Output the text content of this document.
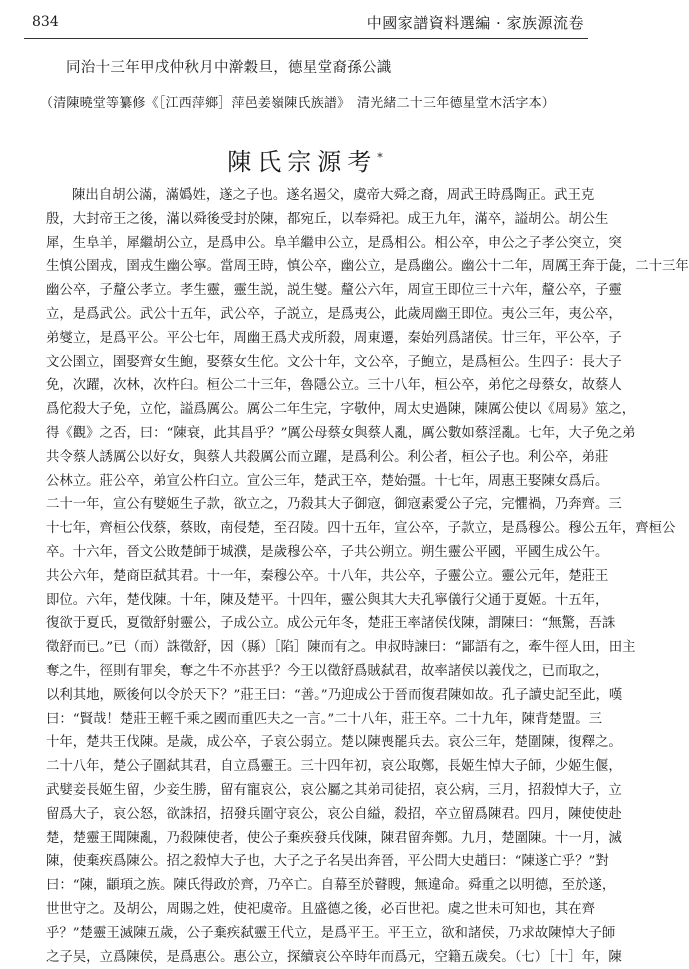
834	中國家譜資料選編 · 家族源流卷
同治十三年甲戌仲秋月中澣穀旦，德星堂裔孫公識
（清陳曉堂等纂修《［江西萍鄉］萍邑姜嶺陳氏族譜》　清光緒二十三年德星堂木活字本）
陳氏宗源考*
陳出自胡公滿，滿嬀姓，遂之子也。遂名遏父，虞帝大舜之裔，周武王時爲陶正。武王克
殷，大封帝王之後，滿以舜後受封於陳，都宛丘，以奉舜祀。成王九年，滿卒，謚胡公。胡公生
犀，生阜羊，犀繼胡公立，是爲申公。阜羊繼申公立，是爲相公。相公卒，申公之子孝公突立，突
生慎公圉戎，圉戎生幽公寧。當周王時，慎公卒，幽公立，是爲幽公。幽公十二年，周厲王奔于彘，二十三年
幽公卒，子釐公孝立。孝生靈，靈生説，説生燮。釐公六年，周宣王即位三十六年，釐公卒，子靈
立，是爲武公。武公十五年，武公卒，子説立，是爲夷公，此歲周幽王即位。夷公三年，夷公卒，
弟燮立，是爲平公。平公七年，周幽王爲犬戎所殺，周東遷，秦始列爲諸侯。廿三年，平公卒，子
文公圉立，圉娶齊女生鮑，娶蔡女生佗。文公十年，文公卒，子鮑立，是爲桓公。生四子：長大子
免，次躍，次林，次杵臼。桓公二十三年，魯隱公立。三十八年，桓公卒，弟佗之母蔡女，故蔡人
爲佗殺大子免，立佗，謚爲厲公。厲公二年生完，字敬仲，周太史過陳，陳厲公使以《周易》筮之，
得《觀》之否，曰：“陳衰，此其昌乎？”厲公母蔡女與蔡人亂，厲公數如蔡淫亂。七年，大子免之弟
共令蔡人誘厲公以好女，與蔡人共殺厲公而立躍，是爲利公。利公者，桓公子也。利公卒，弟莊
公林立。莊公卒，弟宣公杵臼立。宣公三年，楚武王卒，楚始彊。十七年，周惠王娶陳女爲后。
二十一年，宣公有嬖姬生子款，欲立之，乃殺其大子御寇，御寇素愛公子完，完懼禍，乃奔齊。三
十七年，齊桓公伐蔡，蔡敗，南侵楚，至召陵。四十五年，宣公卒，子款立，是爲穆公。穆公五年，齊桓公
卒。十六年，晉文公敗楚師于城濮，是歲穆公卒，子共公朔立。朔生靈公平國，平國生成公午。
共公六年，楚商臣弑其君。十一年，秦穆公卒。十八年，共公卒，子靈公立。靈公元年，楚莊王
即位。六年，楚伐陳。十年，陳及楚平。十四年，靈公與其大夫孔寧儀行父通于夏姬。十五年，
復欲于夏氏，夏徵舒射靈公，子成公立。成公元年冬，楚莊王率諸侯伐陳，謂陳曰：“無驚，吾誅
徵舒而已。”已（而）誅徵舒，因（縣）［陷］陳而有之。申叔時諫曰：“鄙語有之，牽牛徑人田，田主
奪之牛，徑則有罪矣，奪之牛不亦甚乎？今王以徵舒爲賊弑君，故率諸侯以義伐之，已而取之，
以利其地，厥後何以令於天下？”莊王曰：“善。”乃迎成公于晉而復君陳如故。孔子讀史記至此，嘆
曰：“賢哉！楚莊王輕千乘之國而重匹夫之一言。”二十八年，莊王卒。二十九年，陳背楚盟。三
十年，楚共王伐陳。是歲，成公卒，子哀公弱立。楚以陳喪罷兵去。哀公三年，楚圍陳，復釋之。
二十八年，楚公子圍弑其君，自立爲靈王。三十四年初，哀公取鄭，長姬生悼大子師，少姬生偃，
武嬖妾長姬生留，少妾生勝，留有寵哀公，哀公屬之其弟司徒招，哀公病，三月，招殺悼大子，立
留爲大子，哀公怒，欲誅招，招發兵圍守哀公，哀公自縊，殺招，卒立留爲陳君。四月，陳使使赴
楚，楚靈王聞陳亂，乃殺陳使者，使公子棄疾發兵伐陳，陳君留奔鄭。九月，楚圍陳。十一月，滅
陳，使棄疾爲陳公。招之殺悼大子也，大子之子名吴出奔晉，平公問大史趙曰：“陳遂亡乎？”對
曰：“陳，顓頊之族。陳氏得政於齊，乃卒亡。自幕至於瞽瞍，無違命。舜重之以明德，至於遂，
世世守之。及胡公，周賜之姓，使祀虞帝。且盛德之後，必百世祀。虞之世未可知也，其在齊
乎？”楚靈王滅陳五歲，公子棄疾弑靈王代立，是爲平王。平王立，欲和諸侯，乃求故陳悼大子師
之子吴，立爲陳侯，是爲惠公。惠公立，探續哀公卒時年而爲元，空籍五歲矣。（七）［十］年，陳
